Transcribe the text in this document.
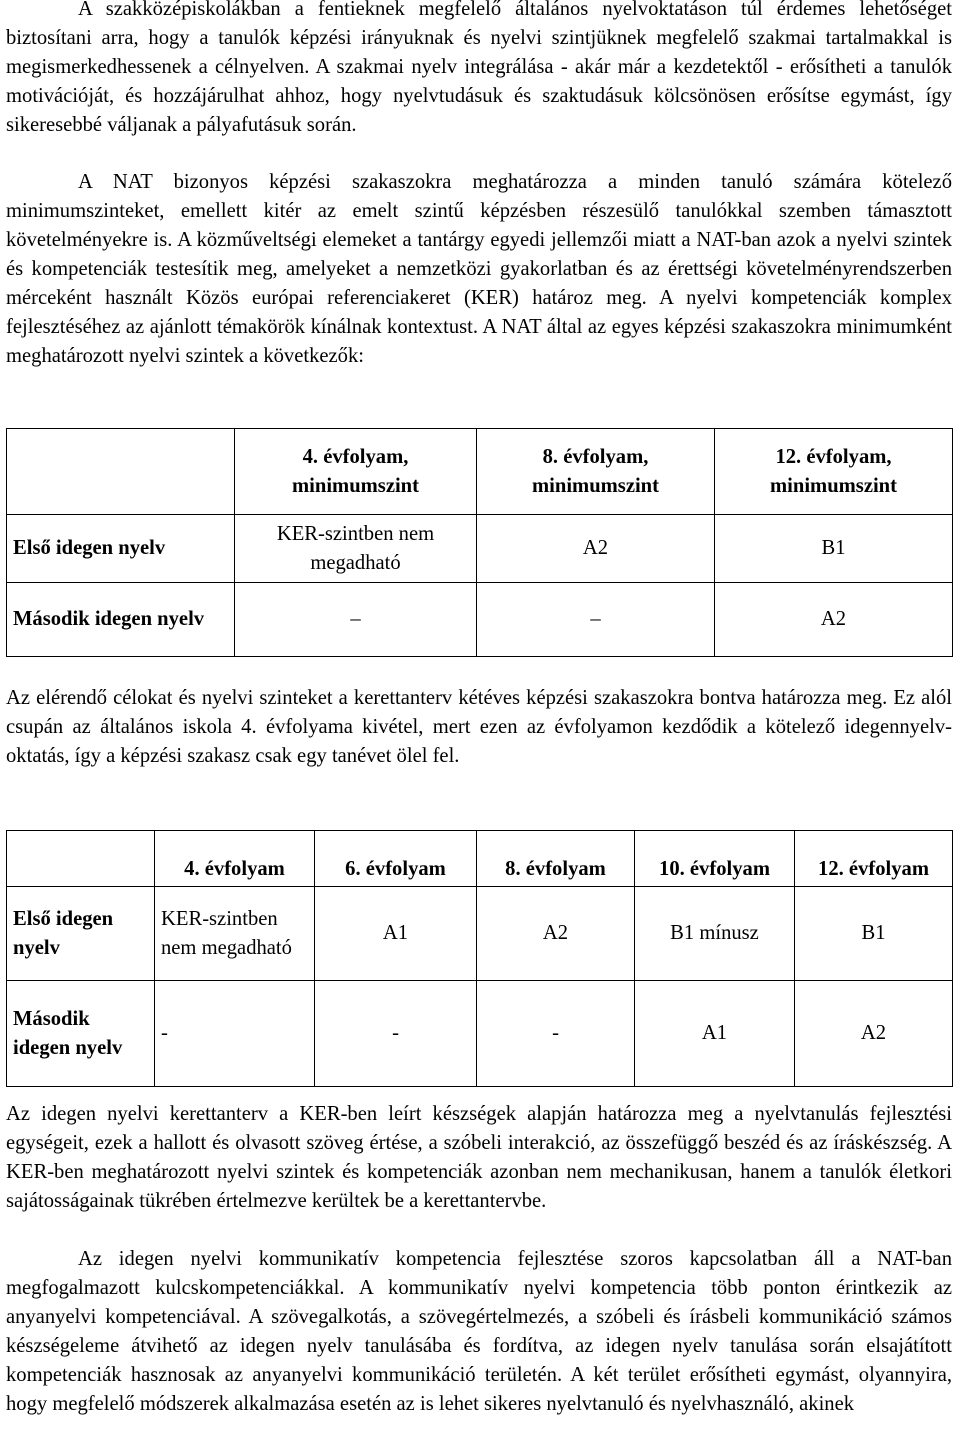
A szakközépiskolákban a fentieknek megfelelő általános nyelvoktatáson túl érdemes lehetőséget biztosítani arra, hogy a tanulók képzési irányuknak és nyelvi szintjüknek megfelelő szakmai tartalmakkal is megismerkedhessenek a célnyelven. A szakmai nyelv integrálása - akár már a kezdetektől - erősítheti a tanulók motivációját, és hozzájárulhat ahhoz, hogy nyelvtudásuk és szaktudásuk kölcsönösen erősítse egymást, így sikeresebbé váljanak a pályafutásuk során.

A NAT bizonyos képzési szakaszokra meghatározza a minden tanuló számára kötelező minimumszinteket, emellett kitér az emelt szintű képzésben részesülő tanulókkal szemben támasztott követelményekre is. A közműveltségi elemeket a tantárgy egyedi jellemzői miatt a NAT-ban azok a nyelvi szintek és kompetenciák testesítik meg, amelyeket a nemzetközi gyakorlatban és az érettségi követelményrendszerben mérceként használt Közös európai referenciakeret (KER) határoz meg. A nyelvi kompetenciák komplex fejlesztéséhez az ajánlott témakörök kínálnak kontextust. A NAT által az egyes képzési szakaszokra minimumként meghatározott nyelvi szintek a következők:

Az elérendő célokat és nyelvi szinteket a kerettanterv kétéves képzési szakaszokra bontva határozza meg. Ez alól csupán az általános iskola 4. évfolyama kivétel, mert ezen az évfolyamon kezdődik a kötelező idegennyelv-oktatás, így a képzési szakasz csak egy tanévet ölel fel.

Az idegen nyelvi kerettanterv a KER-ben leírt készségek alapján határozza meg a nyelvtanulás fejlesztési egységeit, ezek a hallott és olvasott szöveg értése, a szóbeli interakció, az összefüggő beszéd és az íráskészség. A KER-ben meghatározott nyelvi szintek és kompetenciák azonban nem mechanikusan, hanem a tanulók életkori sajátosságainak tükrében értelmezve kerültek be a kerettantervbe.

Az idegen nyelvi kommunikatív kompetencia fejlesztése szoros kapcsolatban áll a NAT-ban megfogalmazott kulcskompetenciákkal. A kommunikatív nyelvi kompetencia több ponton érintkezik az anyanyelvi kompetenciával. A szövegalkotás, a szövegértelmezés, a szóbeli és írásbeli kommunikáció számos készségeleme átvihető az idegen nyelv tanulásába és fordítva, az idegen nyelv tanulása során elsajátított kompetenciák hasznosak az anyanyelvi kommunikáció területén. A két terület erősítheti egymást, olyannyira, hogy megfelelő módszerek alkalmazása esetén az is lehet sikeres nyelvtanuló és nyelvhasználó, akinek

	4. évfolyam, minimumszint	8. évfolyam, minimumszint	12. évfolyam, minimumszint
Első idegen nyelv	KER-szintben nem megadható	A2	B1
Második idegen nyelv	–	–	A2
	4. évfolyam	6. évfolyam	8. évfolyam	10. évfolyam	12. évfolyam
Első idegen nyelv	KER-szintben nem megadható	A1	A2	B1 mínusz	B1
Második idegen nyelv	-	-	-	A1	A2
